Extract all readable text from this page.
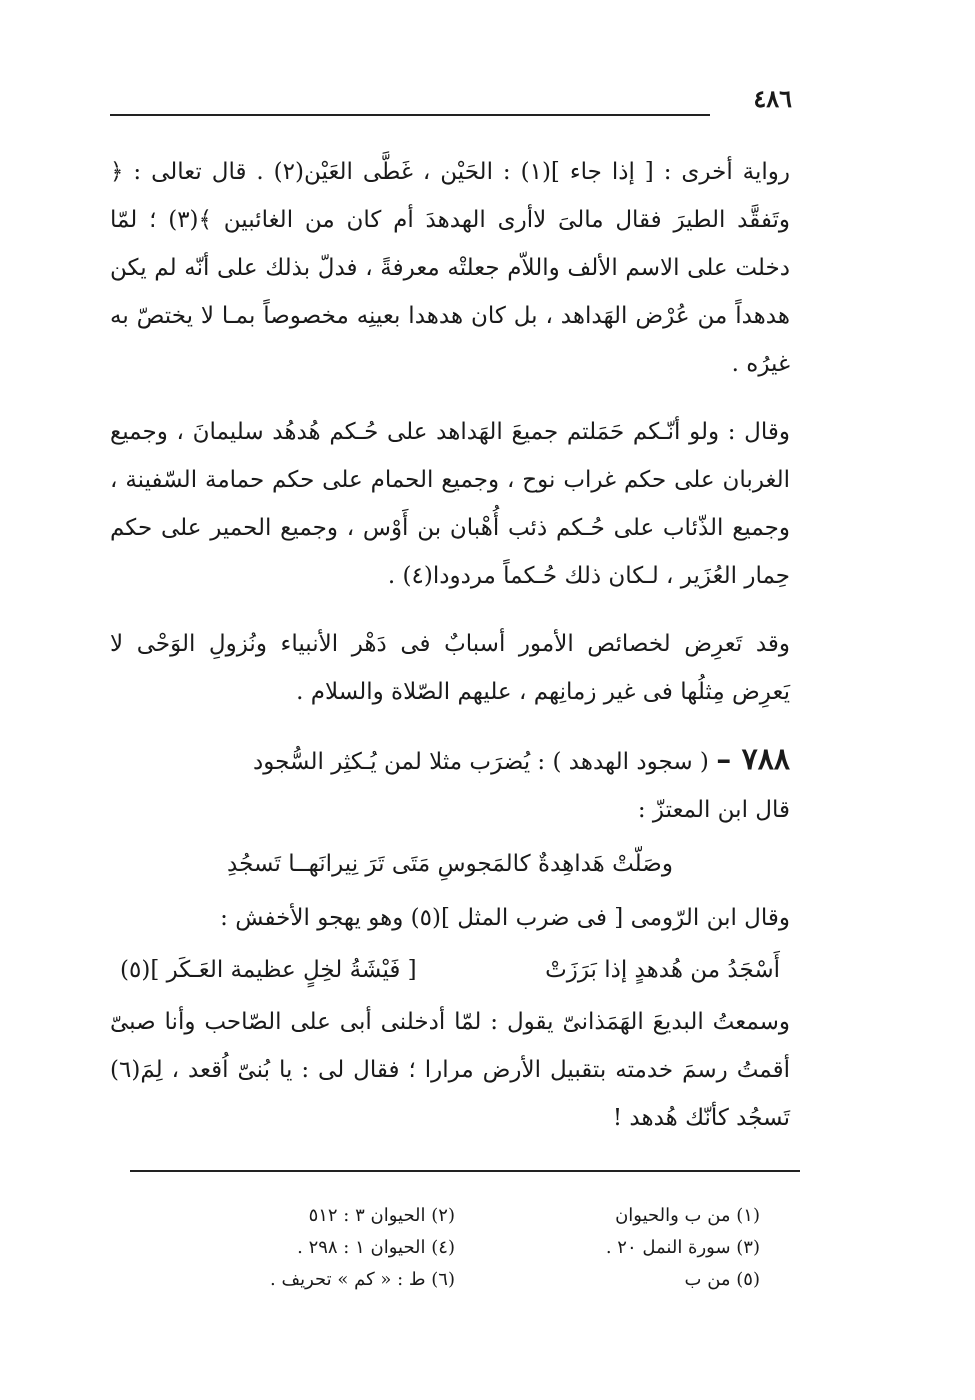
٤٨٦

رواية أخرى : [ إذا جاء ](١) : الحَيْن ، غَطَّى العَيْن(٢) . قال تعالى : ﴿ وتَفقَّد الطيرَ فقال مالىَ لاأرى الهدهدَ أم كان من الغائبين ﴾(٣) ؛ لمّا دخلت على الاسم الألف واللاّم جعلتْه معرفةً ، فدلّ بذلك على أنّه لم يكن هدهداً من عُرْض الهَداهد ، بل كان هدهدا بعينِه مخصوصاً بمـا لا يختصّ به غيرُه .

وقال : ولو أنّـكم حَمَلتم جميعَ الهَداهد على حُـكم هُدهُد سليمانَ ، وجميع الغربان على حكم غراب نوح ، وجميع الحمام على حكم حمامة السّفينة ، وجميع الذّئاب على حُـكم ذئب أُهْبان بن أَوْس ، وجميع الحمير على حكم حِمار العُزَير ، لـكان ذلك حُـكماً مردودا(٤) .

وقد تَعرِض لخصائص الأمور أسبابٌ فى دَهْر الأنبياء ونُزولِ الوَحْى لا يَعرِض مِثلُها فى غير زمانِهم ، عليهم الصّلاة والسلام .

٧٨٨ – ( سجود الهدهد ) : يُضرَب مثلا لمن يُـكثِر السُّجود

قال ابن المعتزّ :

وصَلّتْ هَداهِدةٌ كالمَجوسِ مَتَى تَرَ نِيرانَهــا تَسجُدِ

وقال ابن الرّومى [ فى ضرب المثل ](٥) وهو يهجو الأخفش :

أَسْجَدُ من هُدهدٍ إذا بَرَزَتْ
[ فَيْشَةُ لخِلٍ عظيمة العَـكَر ](٥)

وسمعتُ البديعَ الهَمَذانىّ يقول : لمّا أدخلنى أبى على الصّاحب وأنا صبىّ أقمتُ رسمَ خدمته بتقبيل الأرض مرارا ؛ فقال لى : يا بُنىّ اُقعد ، لِمَ(٦) تَسجُد كأنّك هُدهد !

(١) من ب والحيوان
(٢) الحيوان ٣ : ٥١٢
(٣) سورة النمل ٢٠ .
(٤) الحيوان ١ : ٢٩٨ .
(٥) من ب
(٦) ط : « كم » تحريف .
